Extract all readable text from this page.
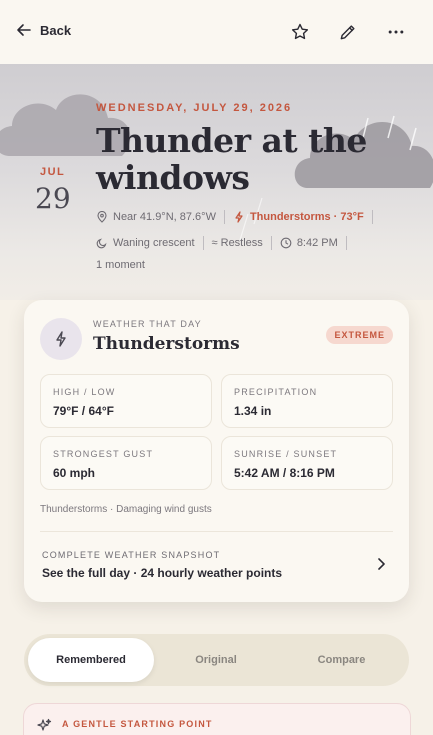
Back
JUL
29
WEDNESDAY, JULY 29, 2026
Thunder at the windows
Near 41.9°N, 87.6°W	Thunderstorms · 73°F
Waning crescent ≈ Restless	8:42 PM
1 moment
WEATHER THAT DAY
Thunderstorms	EXTREME
HIGH / LOW
79°F / 64°F
PRECIPITATION
1.34 in
STRONGEST GUST
60 mph
SUNRISE / SUNSET
5:42 AM / 8:16 PM
Thunderstorms · Damaging wind gusts
COMPLETE WEATHER SNAPSHOT
See the full day · 24 hourly weather points
Remembered	Original	Compare
A GENTLE STARTING POINT
